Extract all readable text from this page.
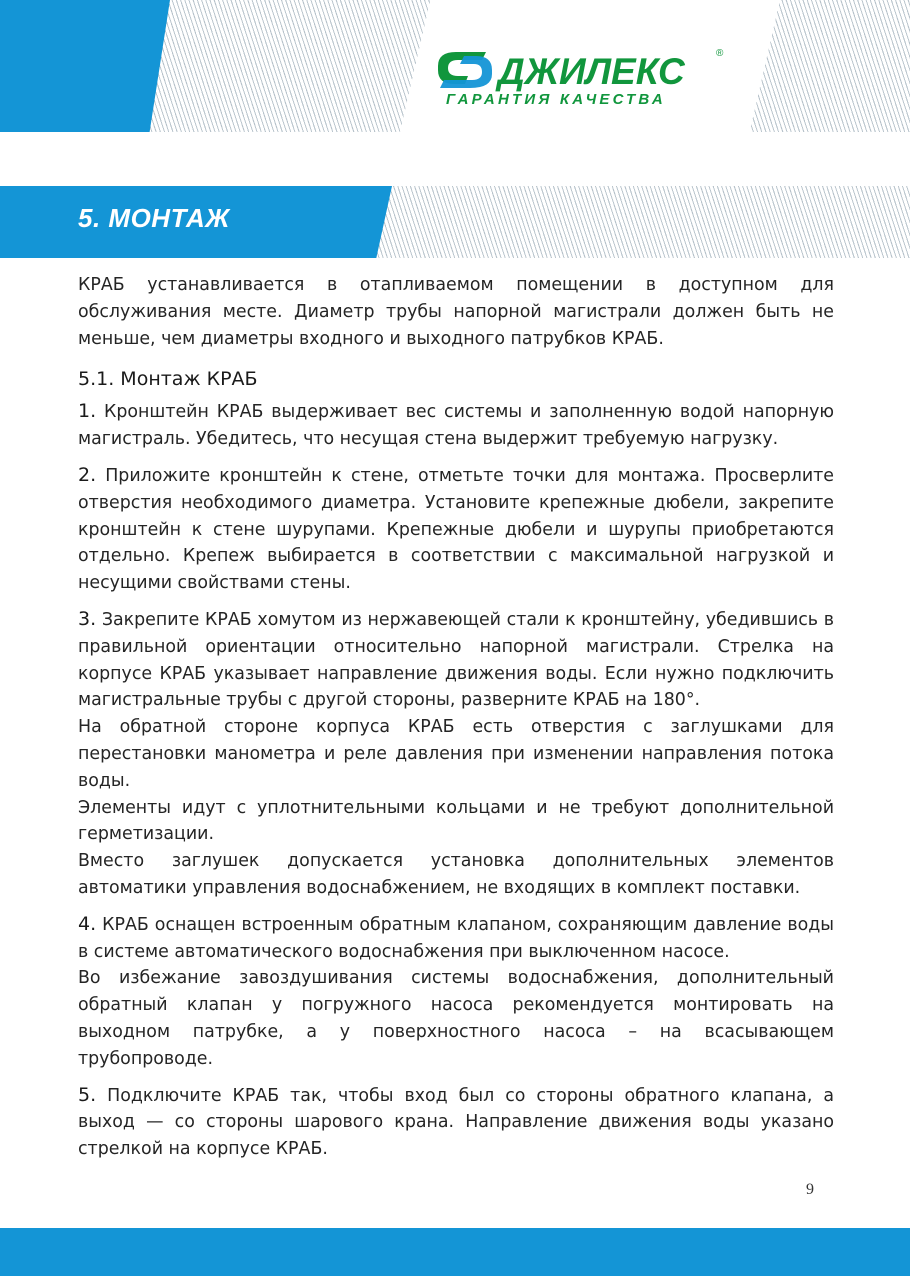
ДЖИЛЕКС	®
ГАРАНТИЯ КАЧЕСТВА
5. МОНТАЖ

КРАБ устанавливается в отапливаемом помещении в доступном для обслуживания месте. Диаметр трубы напорной магистрали должен быть не меньше, чем диаметры входного и выходного патрубков КРАБ.

5.1. Монтаж КРАБ

1. Кронштейн КРАБ выдерживает вес системы и заполненную водой напорную магистраль. Убедитесь, что несущая стена выдержит требуемую нагрузку.

2. Приложите кронштейн к стене, отметьте точки для монтажа. Просверлите отверстия необходимого диаметра. Установите крепежные дюбели, закрепите кронштейн к стене шурупами. Крепежные дюбели и шурупы приобретаются отдельно. Крепеж выбирается в соответствии с максимальной нагрузкой и несущими свойствами стены.

3. Закрепите КРАБ хомутом из нержавеющей стали к кронштейну, убедившись в правильной ориентации относительно напорной магистрали. Стрелка на корпусе КРАБ указывает направление движения воды. Если нужно подключить магистральные трубы с другой стороны, разверните КРАБ на 180°.

На обратной стороне корпуса КРАБ есть отверстия с заглушками для перестановки манометра и реле давления при изменении направления потока воды.

Элементы идут с уплотнительными кольцами и не требуют дополнительной герметизации.

Вместо заглушек допускается установка дополнительных элементов автоматики управления водоснабжением, не входящих в комплект поставки.

4. КРАБ оснащен встроенным обратным клапаном, сохраняющим давление воды в системе автоматического водоснабжения при выключенном насосе.

Во избежание завоздушивания системы водоснабжения, дополнительный обратный клапан у погружного насоса рекомендуется монтировать на выходном патрубке, а у поверхностного насоса – на всасывающем трубопроводе.

5. Подключите КРАБ так, чтобы вход был со стороны обратного клапана, а выход — со стороны шарового крана. Направление движения воды указано стрелкой на корпусе КРАБ.

9
